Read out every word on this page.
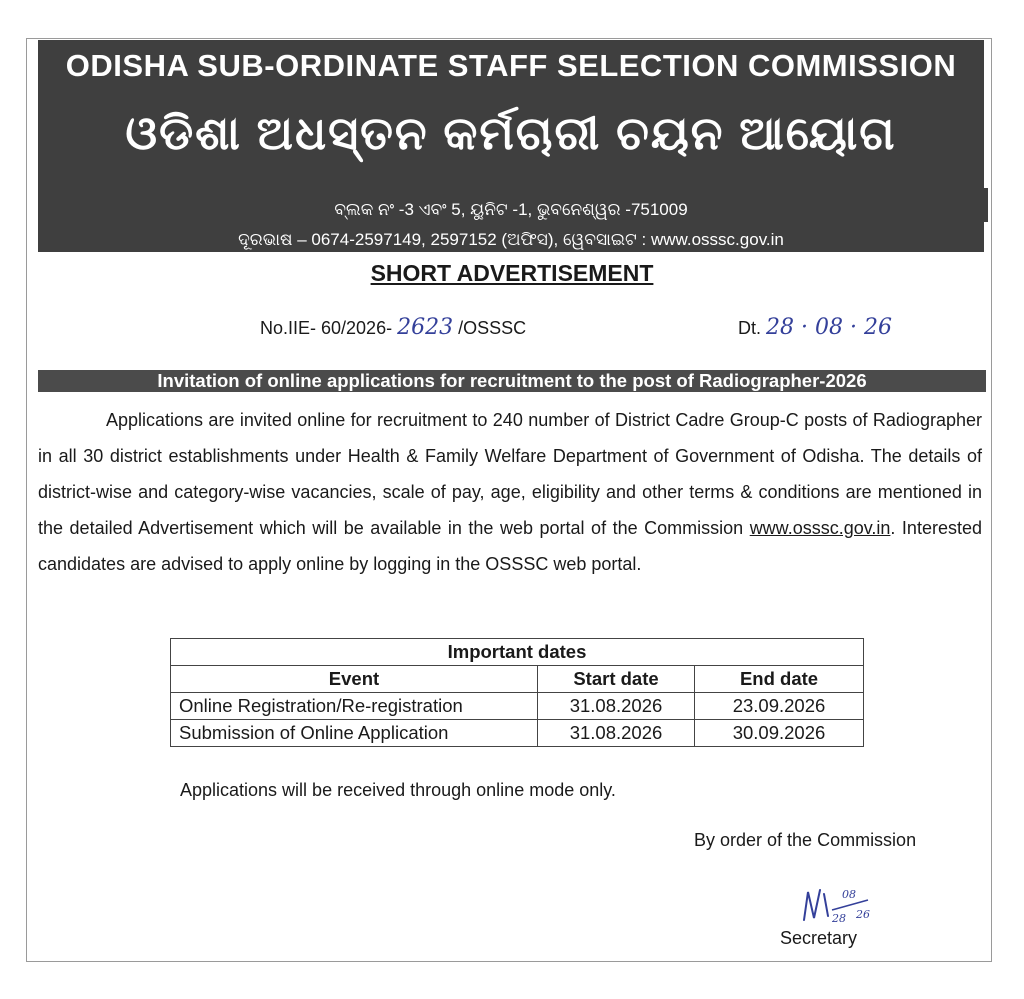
ODISHA SUB-ORDINATE STAFF SELECTION COMMISSION
ଓଡିଶା ଅଧସ୍ତନ କର୍ମଚାରୀ ଚୟନ ଆୟୋଗ
ବ୍ଲକ ନଂ -3 ଏବଂ 5, ୟୁନିଟ -1, ଭୁବନେଶ୍ୱର -751009
ଦୂରଭାଷ – 0674-2597149, 2597152 (ଅଫିସ), ୱେବସାଇଟ : www.osssc.gov.in
SHORT ADVERTISEMENT
No.IIE- 60/2026- 2623 /OSSSC	Dt. 28 · 08 · 26
Invitation of online applications for recruitment to the post of Radiographer-2026

Applications are invited online for recruitment to 240 number of District Cadre Group-C posts of Radiographer in all 30 district establishments under Health & Family Welfare Department of Government of Odisha. The details of district-wise and category-wise vacancies, scale of pay, age, eligibility and other terms & conditions are mentioned in the detailed Advertisement which will be available in the web portal of the Commission www.osssc.gov.in. Interested candidates are advised to apply online by logging in the OSSSC web portal.

Important dates		
Event	Start date	End date
Online Registration/Re-registration	31.08.2026	23.09.2026
Submission of Online Application	31.08.2026	30.09.2026
Applications will be received through online mode only.
By order of the Commission
08
28 26
Secretary
